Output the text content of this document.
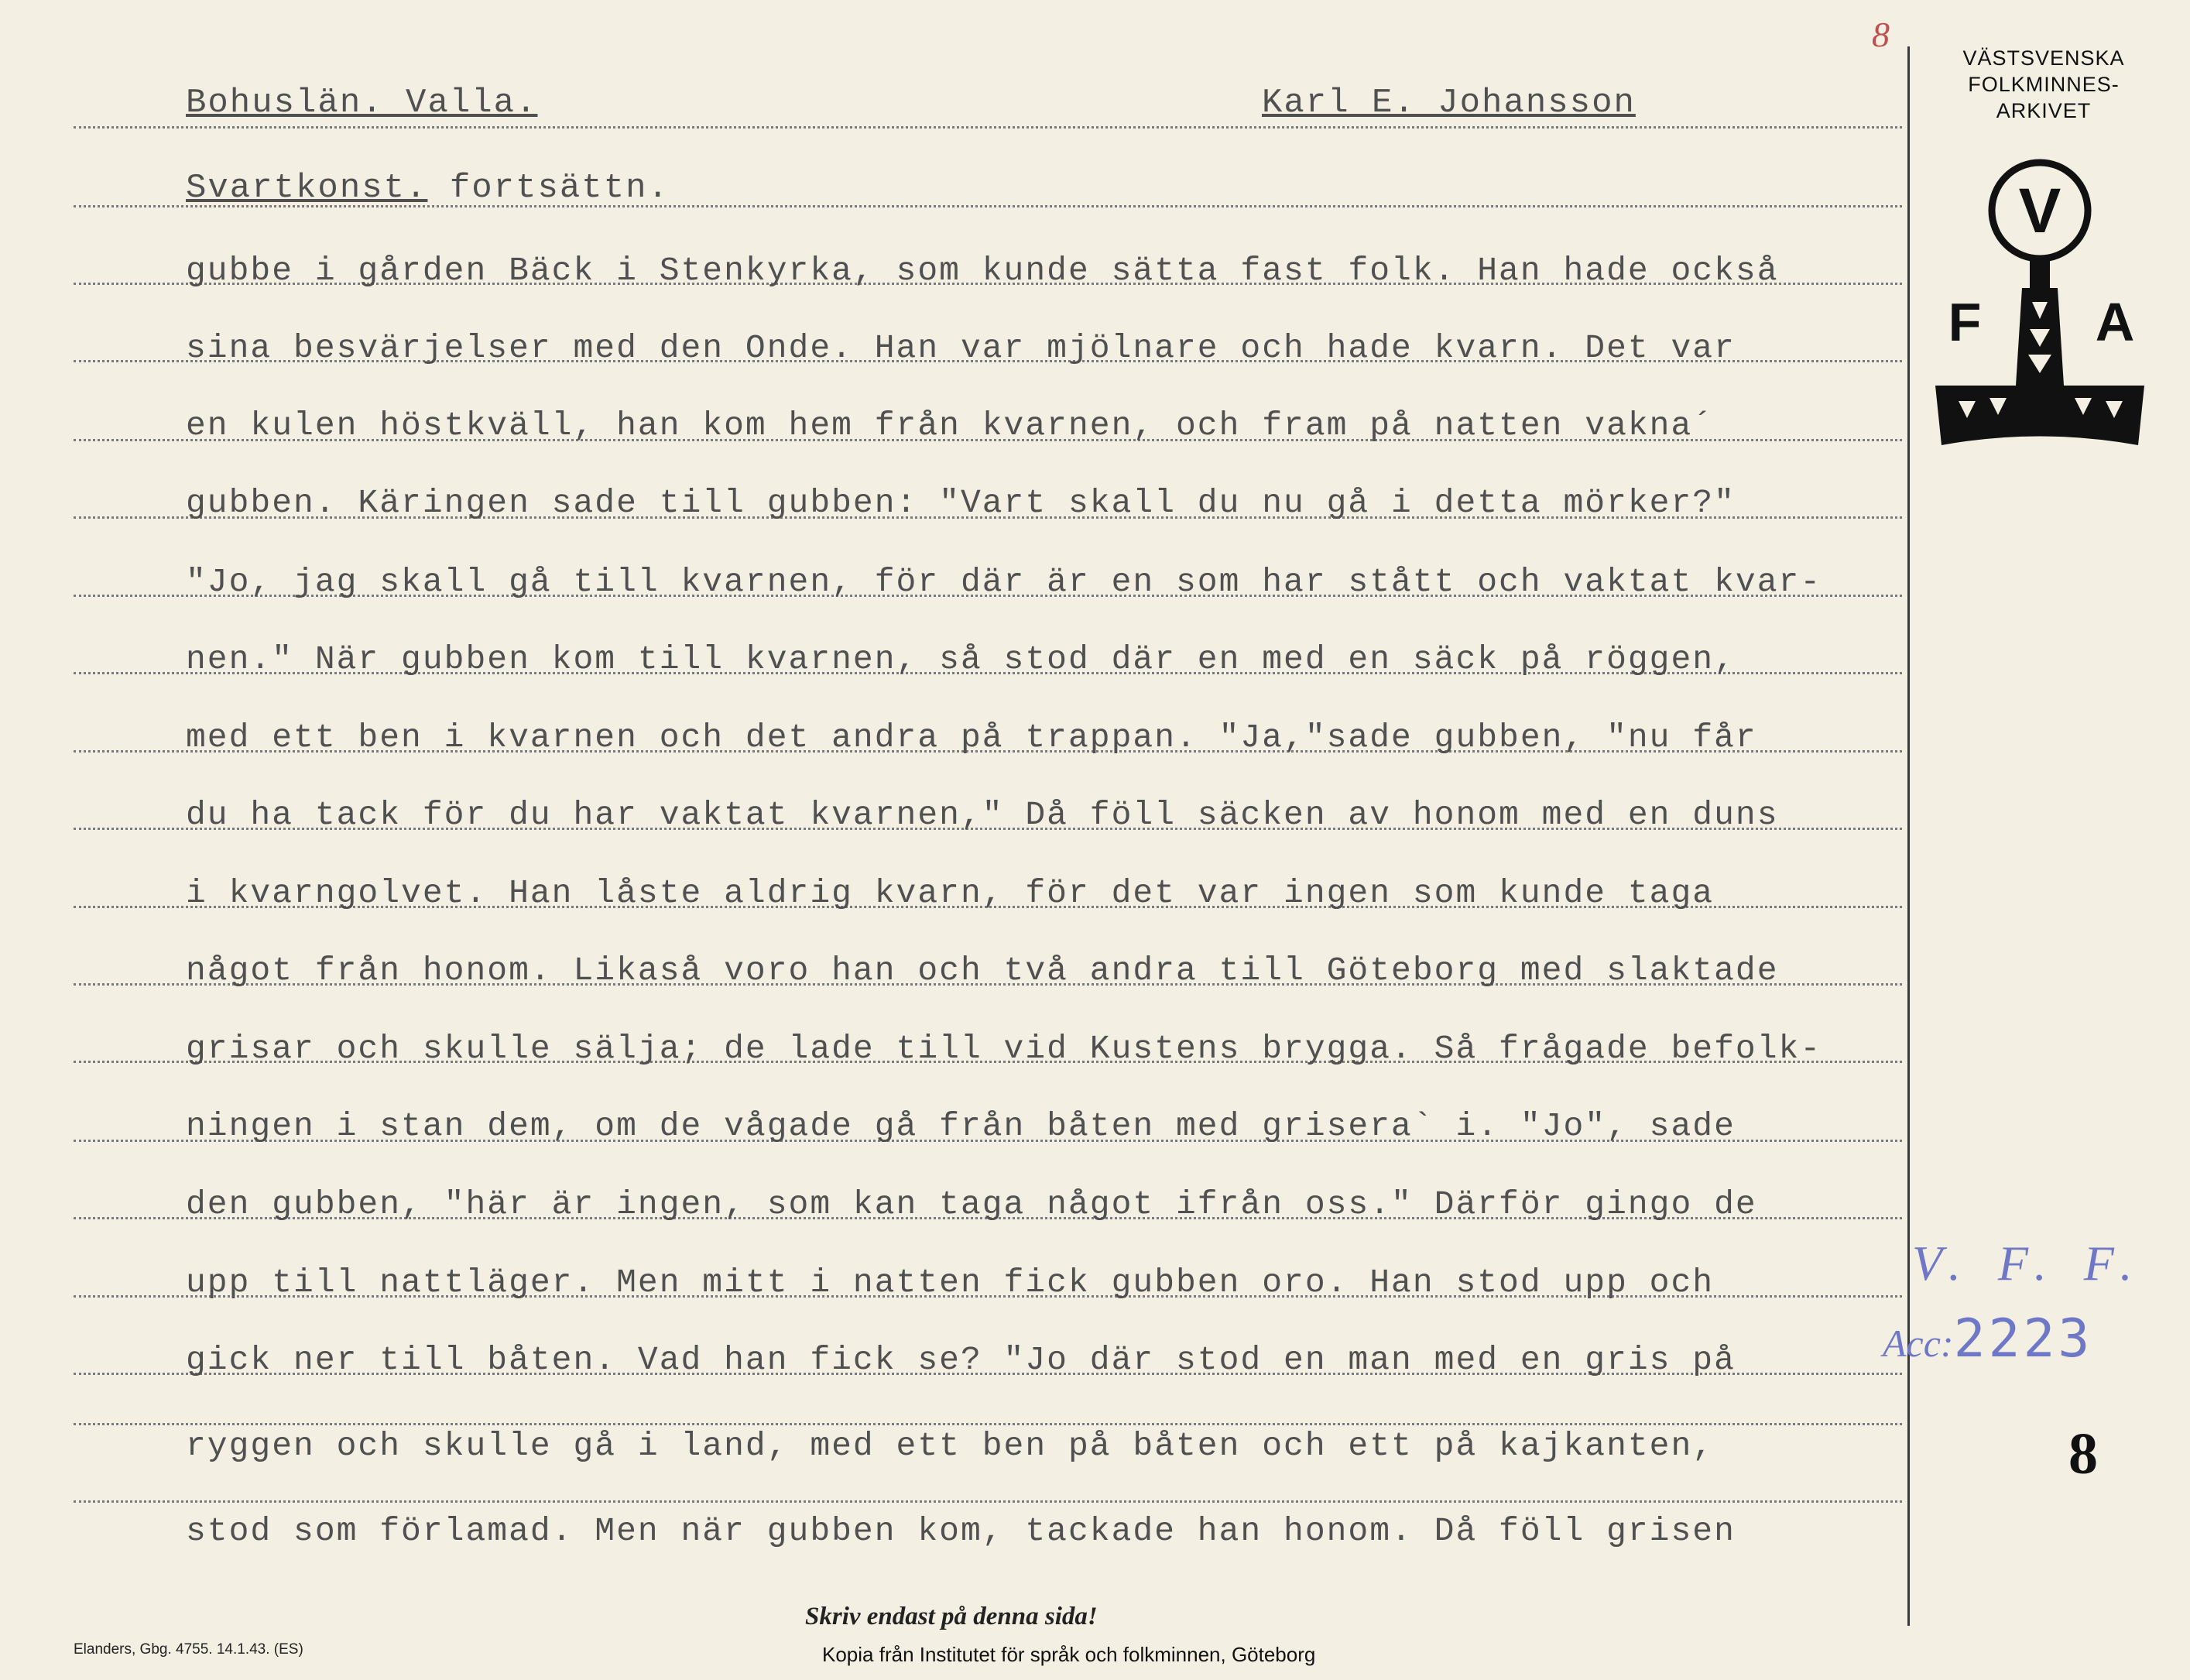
8
Bohuslän. Valla.	Karl E. Johansson
Svartkonst. fortsättn.
gubbe i gården Bäck i Stenkyrka, som kunde sätta fast folk. Han hade också
sina besvärjelser med den Onde. Han var mjölnare och hade kvarn. Det var
en kulen höstkväll, han kom hem från kvarnen, och fram på natten vakna´
gubben. Käringen sade till gubben: "Vart skall du nu gå i detta mörker?"
"Jo, jag skall gå till kvarnen, för där är en som har stått och vaktat kvar-
nen." När gubben kom till kvarnen, så stod där en med en säck på röggen,
med ett ben i kvarnen och det andra på trappan. "Ja,"sade gubben, "nu får
du ha tack för du har vaktat kvarnen," Då föll säcken av honom med en duns
i kvarngolvet. Han låste aldrig kvarn, för det var ingen som kunde taga
något från honom. Likaså voro han och två andra till Göteborg med slaktade
grisar och skulle sälja; de lade till vid Kustens brygga. Så frågade befolk-
ningen i stan dem, om de vågade gå från båten med grisera` i. "Jo", sade
den gubben, "här är ingen, som kan taga något ifrån oss." Därför gingo de
upp till nattläger. Men mitt i natten fick gubben oro. Han stod upp och
gick ner till båten. Vad han fick se? "Jo där stod en man med en gris på
ryggen och skulle gå i land, med ett ben på båten och ett på kajkanten,
stod som förlamad. Men när gubben kom, tackade han honom. Då föll grisen
VÄSTSVENSKA
FOLKMINNES-
ARKIVET
V
F A
V. F. F.
Acc:2223
8
Skriv endast på denna sida!
Elanders, Gbg. 4755. 14.1.43. (ES)	Kopia från Institutet för språk och folkminnen, Göteborg
